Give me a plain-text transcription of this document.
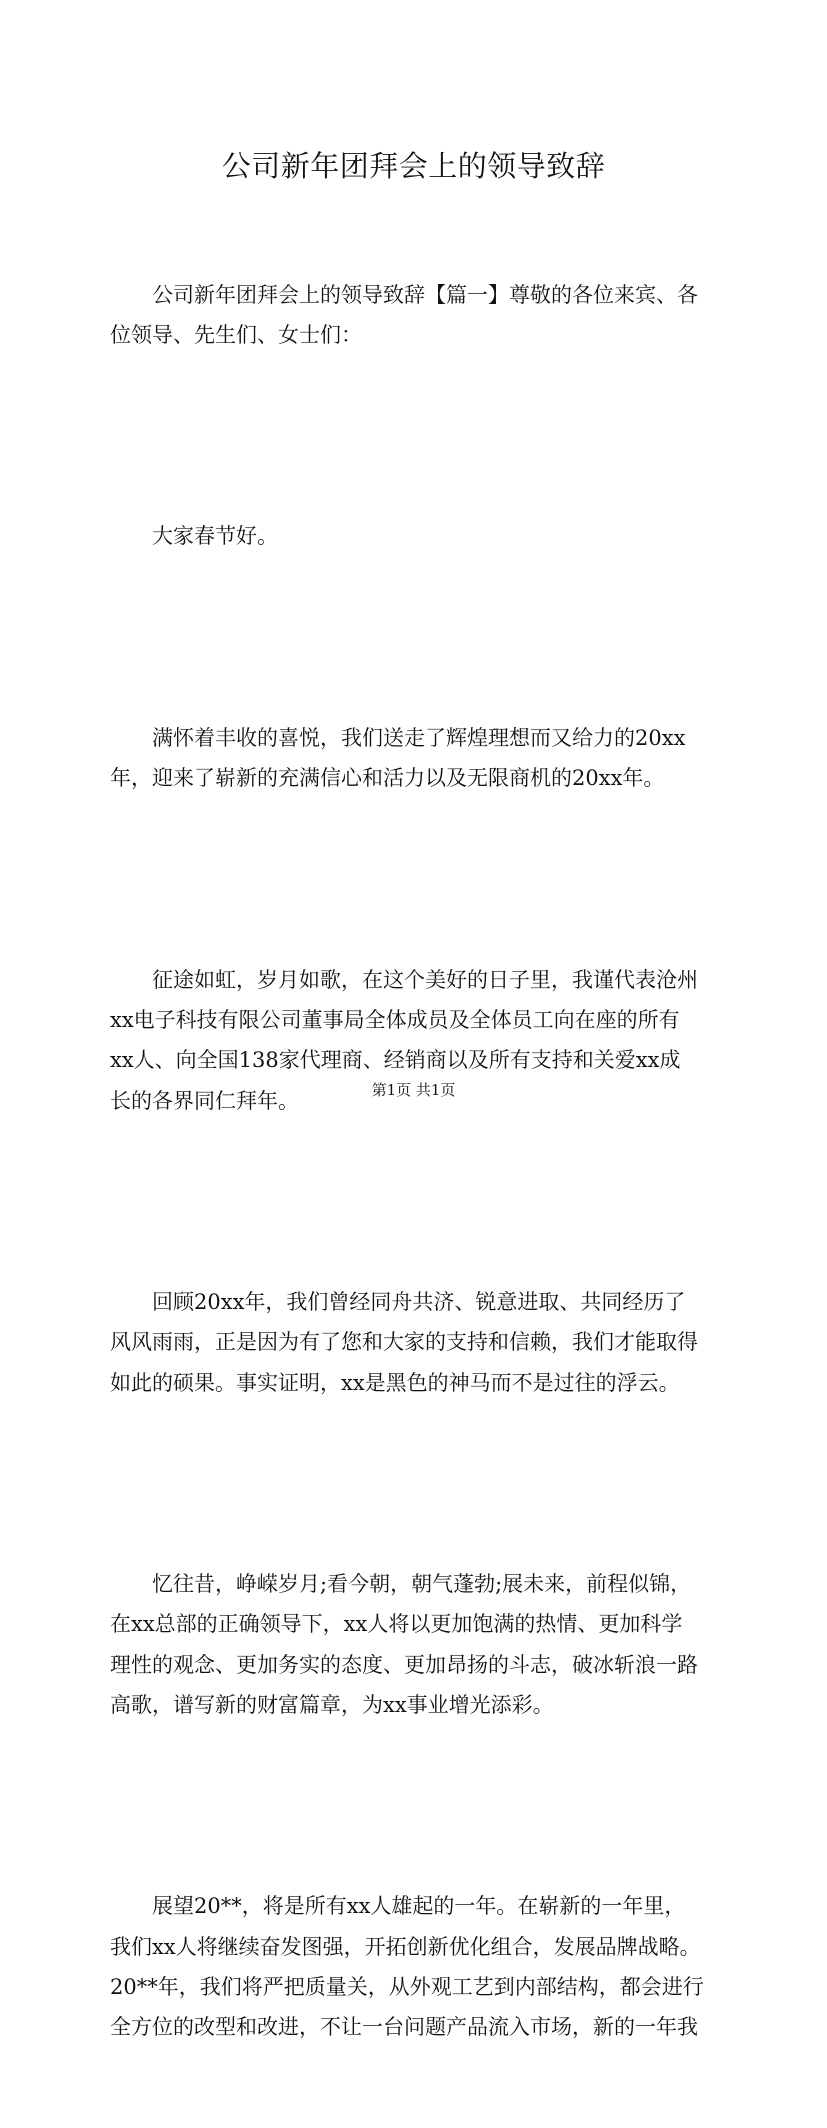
公司新年团拜会上的领导致辞

公司新年团拜会上的领导致辞【篇一】尊敬的各位来宾、各
位领导、先生们、女士们：

大家春节好。

满怀着丰收的喜悦，我们送走了辉煌理想而又给力的20xx
年，迎来了崭新的充满信心和活力以及无限商机的20xx年。

征途如虹，岁月如歌，在这个美好的日子里，我谨代表沧州
xx电子科技有限公司董事局全体成员及全体员工向在座的所有
xx人、向全国138家代理商、经销商以及所有支持和关爱xx成
长的各界同仁拜年。

回顾20xx年，我们曾经同舟共济、锐意进取、共同经历了
风风雨雨，正是因为有了您和大家的支持和信赖，我们才能取得
如此的硕果。事实证明，xx是黑色的神马而不是过往的浮云。

忆往昔，峥嵘岁月;看今朝，朝气蓬勃;展未来，前程似锦，
在xx总部的正确领导下，xx人将以更加饱满的热情、更加科学
理性的观念、更加务实的态度、更加昂扬的斗志，破冰斩浪一路
高歌，谱写新的财富篇章，为xx事业增光添彩。

展望20**，将是所有xx人雄起的一年。在崭新的一年里，
我们xx人将继续奋发图强，开拓创新优化组合，发展品牌战略。
20**年，我们将严把质量关，从外观工艺到内部结构，都会进行
全方位的改型和改进，不让一台问题产品流入市场，新的一年我

第1页 共1页
